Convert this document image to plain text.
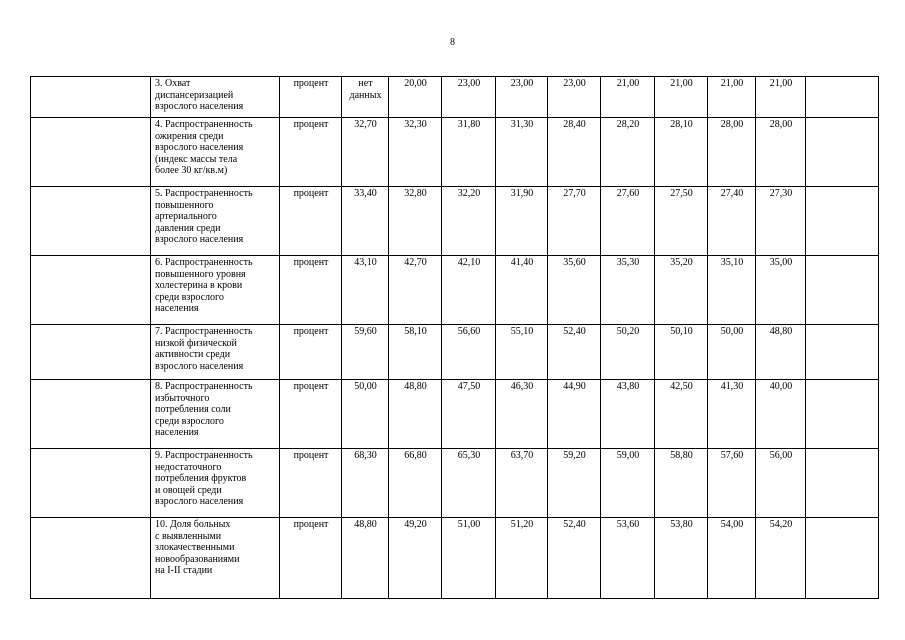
8
	3. Охват
диспансеризацией
взрослого населения	процент	нет
данных	20,00	23,00	23,00	23,00	21,00	21,00	21,00	21,00	
	4. Распространенность
ожирения среди
взрослого населения
(индекс массы тела
более 30 кг/кв.м)	процент	32,70	32,30	31,80	31,30	28,40	28,20	28,10	28,00	28,00	
	5. Распространенность
повышенного
артериального
давления среди
взрослого населения	процент	33,40	32,80	32,20	31,90	27,70	27,60	27,50	27,40	27,30	
	6. Распространенность
повышенного уровня
холестерина в крови
среди взрослого
населения	процент	43,10	42,70	42,10	41,40	35,60	35,30	35,20	35,10	35,00	
	7. Распространенность
низкой физической
активности среди
взрослого населения	процент	59,60	58,10	56,60	55,10	52,40	50,20	50,10	50,00	48,80	
	8. Распространенность
избыточного
потребления соли
среди взрослого
населения	процент	50,00	48,80	47,50	46,30	44,90	43,80	42,50	41,30	40,00	
	9. Распространенность
недостаточного
потребления фруктов
и овощей среди
взрослого населения	процент	68,30	66,80	65,30	63,70	59,20	59,00	58,80	57,60	56,00	
	10. Доля больных
с выявленными
злокачественными
новообразованиями
на I-II стадии	процент	48,80	49,20	51,00	51,20	52,40	53,60	53,80	54,00	54,20	
